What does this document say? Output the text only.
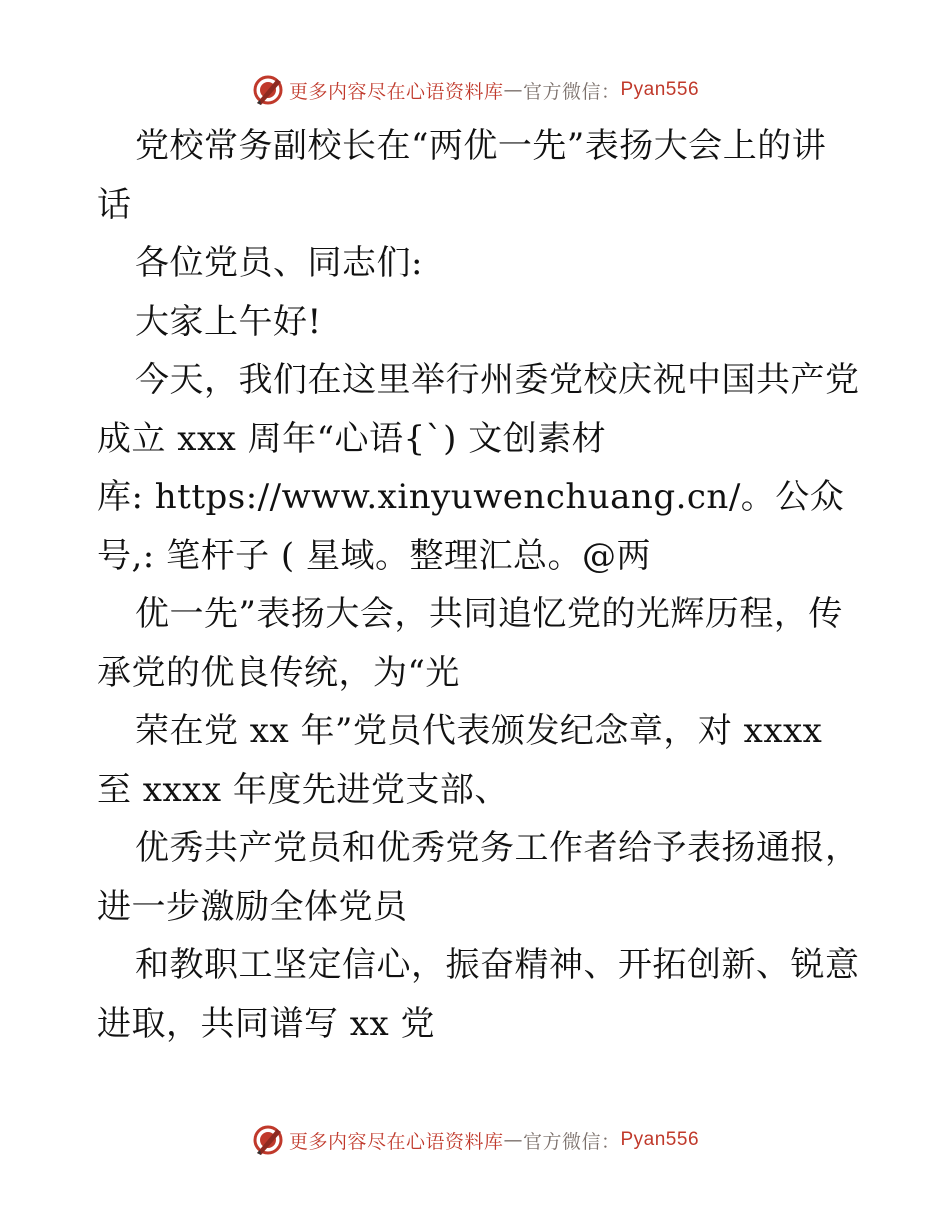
更多内容尽在心语资料库 — 官方微信： Pyan556
党校常务副校长在“两优一先”表扬大会上的讲
话
各位党员、同志们:
大家上午好!
今天，我们在这里举行州委党校庆祝中国共产党
成立 xxx 周年“心语{`) 文创素材
库: https://www.xinyuwenchuang.cn/。公众
号,: 笔杆子 ( 星域。整理汇总。@两
优一先”表扬大会，共同追忆党的光辉历程，传
承党的优良传统，为“光
荣在党 xx 年”党员代表颁发纪念章，对 xxxx
至 xxxx 年度先进党支部、
优秀共产党员和优秀党务工作者给予表扬通报，
进一步激励全体党员
和教职工坚定信心，振奋精神、开拓创新、锐意
进取，共同谱写 xx 党
更多内容尽在心语资料库 — 官方微信： Pyan556
